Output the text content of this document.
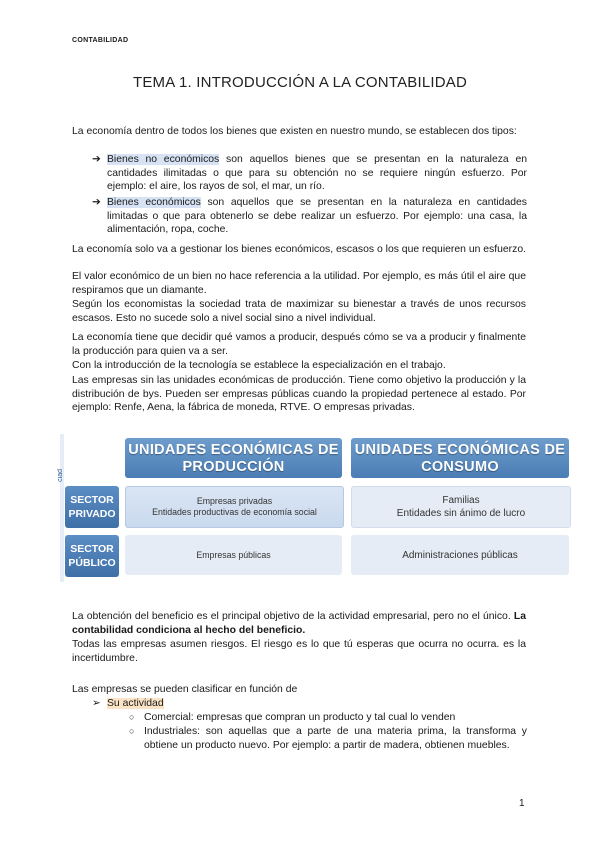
CONTABILIDAD
TEMA 1. INTRODUCCIÓN A LA CONTABILIDAD
La economía dentro de todos los bienes que existen en nuestro mundo, se establecen dos tipos:
➔ Bienes no económicos son aquellos bienes que se presentan en la naturaleza en cantidades ilimitadas o que para su obtención no se requiere ningún esfuerzo. Por ejemplo: el aire, los rayos de sol, el mar, un río.
➔ Bienes económicos son aquellos que se presentan en la naturaleza en cantidades limitadas o que para obtenerlo se debe realizar un esfuerzo. Por ejemplo: una casa, la alimentación, ropa, coche.
La economía solo va a gestionar los bienes económicos, escasos o los que requieren un esfuerzo.
El valor económico de un bien no hace referencia a la utilidad. Por ejemplo, es más útil el aire que respiramos que un diamante.
Según los economistas la sociedad trata de maximizar su bienestar a través de unos recursos escasos. Esto no sucede solo a nivel social sino a nivel individual.
La economía tiene que decidir qué vamos a producir, después cómo se va a producir y finalmente la producción para quien va a ser.
Con la introducción de la tecnología se establece la especialización en el trabajo.
Las empresas sin las unidades económicas de producción. Tiene como objetivo la producción y la distribución de bys. Pueden ser empresas públicas cuando la propiedad pertenece al estado. Por ejemplo: Renfe, Aena, la fábrica de moneda, RTVE. O empresas privadas.
ciad
UNIDADES ECONÓMICAS DE PRODUCCIÓN
UNIDADES ECONÓMICAS DE CONSUMO
SECTOR PRIVADO
SECTOR PÚBLICO
Empresas privadas
Entidades productivas de economía social
Familias
Entidades sin ánimo de lucro
Empresas públicas	Administraciones públicas
La obtención del beneficio es el principal objetivo de la actividad empresarial, pero no el único. La contabilidad condiciona al hecho del beneficio.
Todas las empresas asumen riesgos. El riesgo es lo que tú esperas que ocurra no ocurra. es la incertidumbre.
Las empresas se pueden clasificar en función de
➢ Su actividad
○ Comercial: empresas que compran un producto y tal cual lo venden
○ Industriales: son aquellas que a parte de una materia prima, la transforma y obtiene un producto nuevo. Por ejemplo: a partir de madera, obtienen muebles.
1
